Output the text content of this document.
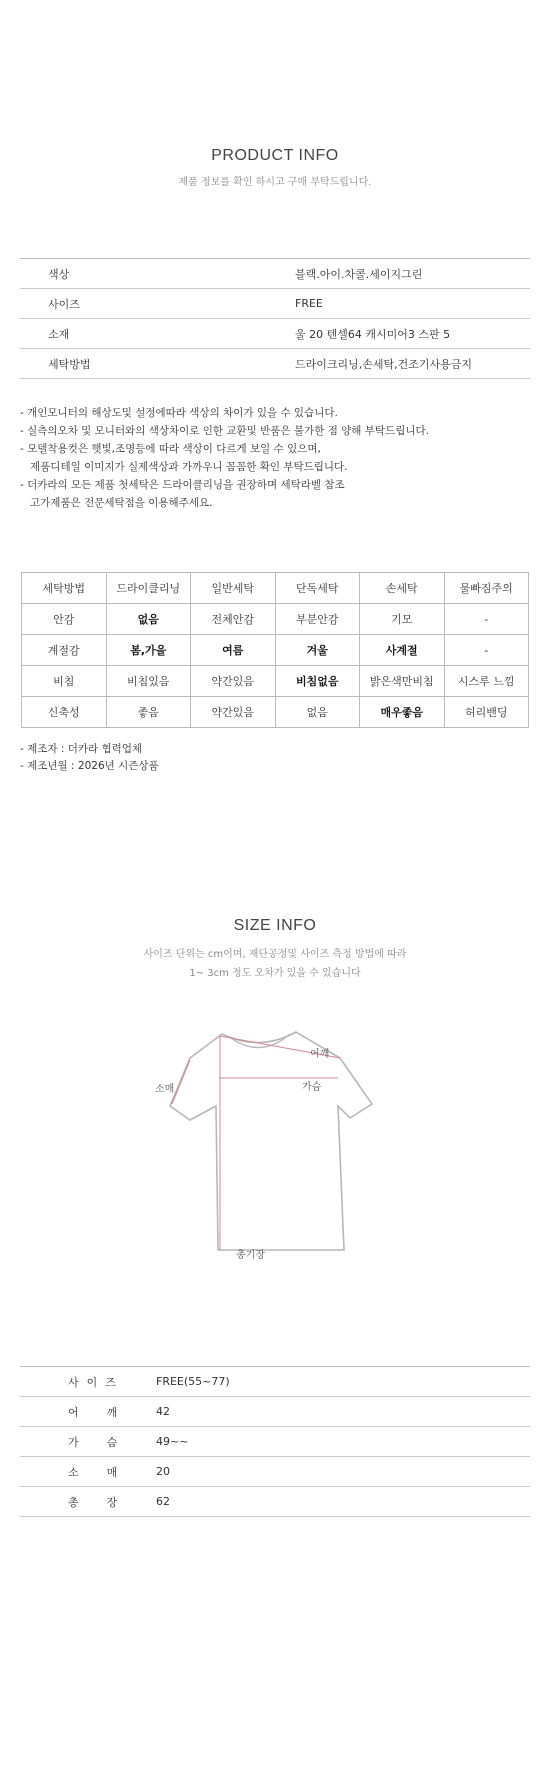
PRODUCT INFO
제품 정보를 확인 하시고 구매 부탁드립니다.
색상	블랙.아이.차콜.세이지그린
사이즈	FREE
소재	울 20 텐셀64 캐시미어3 스판 5
세탁방법	드라이크리닝,손세탁,건조기사용금지
- 개인모니터의 해상도및 설정에따라 색상의 차이가 있을 수 있습니다.
- 실측의오차 및 모니터와의 색상차이로 인한 교환및 반품은 불가한 점 양해 부탁드립니다.
- 모델착용컷은 햇빛,조명등에 따라 색상이 다르게 보일 수 있으며,
제품디테일 이미지가 실제색상과 가까우니 꼼꼼한 확인 부탁드립니다.
- 더카라의 모든 제품 첫세탁은 드라이클리닝을 권장하며 세탁라벨 참조
고가제품은 전문세탁점을 이용해주세요.
세탁방법	드라이클리닝	일반세탁	단독세탁	손세탁	물빠짐주의
안감	없음	전체안감	부분안감	기모	-
계절감	봄,가을	여름	겨울	사계절	-
비침	비침있음	약간있음	비침없음	밝은색만비침	시스루 느낌
신축성	좋음	약간있음	없음	매우좋음	허리밴딩
- 제조자 : 더카라 협력업체
- 제조년월 : 2026년 시즌상품
SIZE INFO
사이즈 단위는 cm이며, 재단공정및 사이즈 측정 방법에 따라
1~ 3cm 정도 오차가 있을 수 있습니다
어깨
가슴
소매
총기장
사이즈	FREE(55~77)
어깨 42
가슴 49~~
소매 20
총장 62
